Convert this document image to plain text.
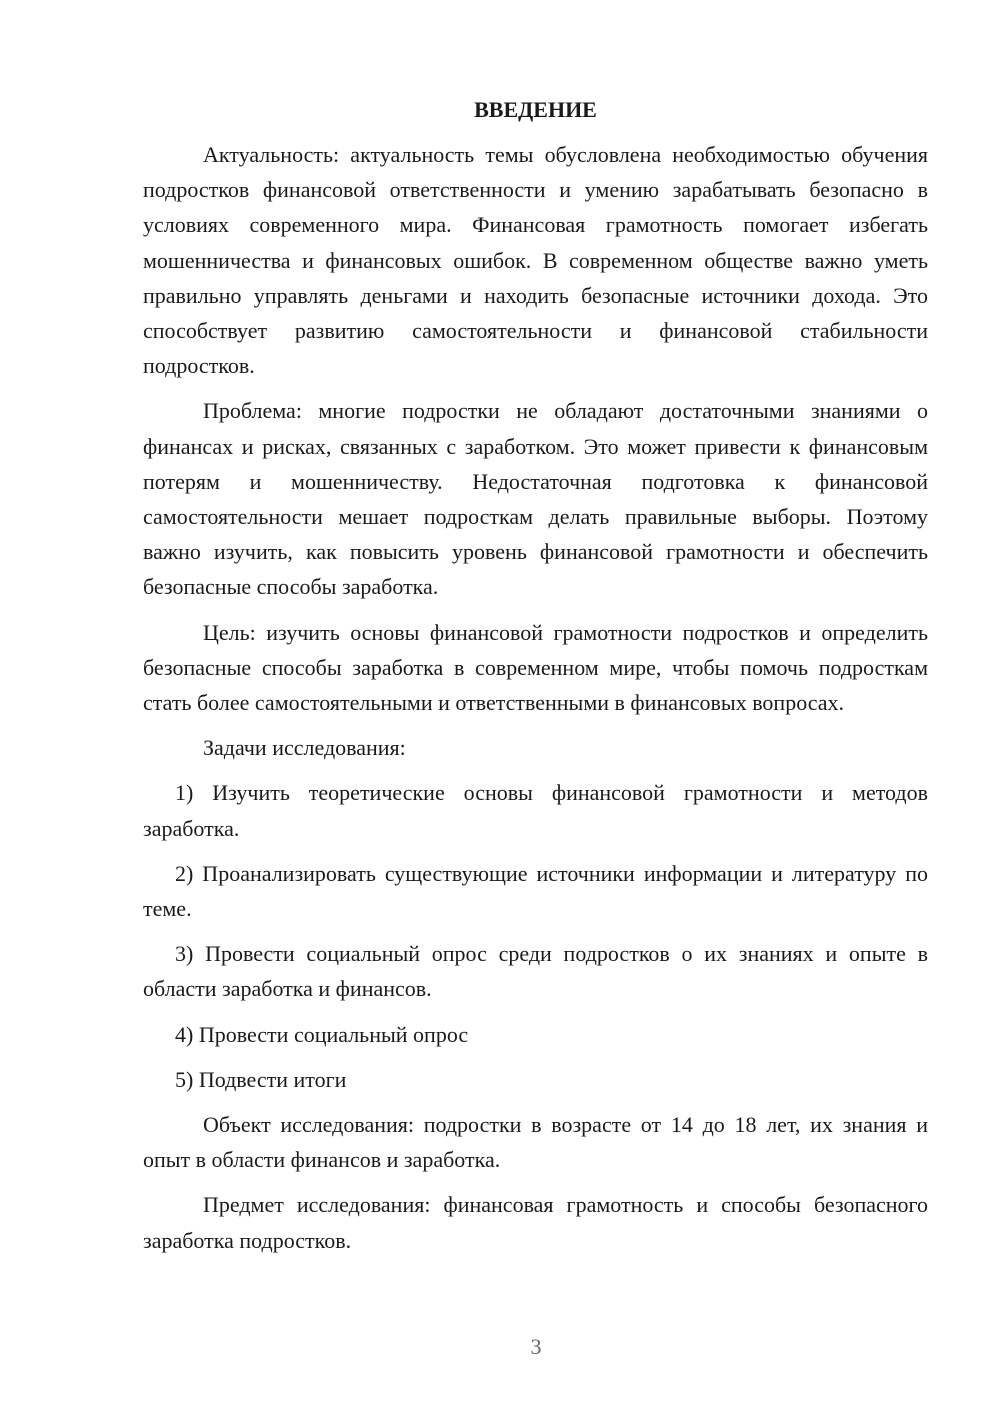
ВВЕДЕНИЕ

Актуальность: актуальность темы обусловлена необходимостью обучения подростков финансовой ответственности и умению зарабатывать безопасно в условиях современного мира. Финансовая грамотность помогает избегать мошенничества и финансовых ошибок. В современном обществе важно уметь правильно управлять деньгами и находить безопасные источники дохода. Это способствует развитию самостоятельности и финансовой стабильности подростков.

Проблема: многие подростки не обладают достаточными знаниями о финансах и рисках, связанных с заработком. Это может привести к финансовым потерям и мошенничеству. Недостаточная подготовка к финансовой самостоятельности мешает подросткам делать правильные выборы. Поэтому важно изучить, как повысить уровень финансовой грамотности и обеспечить безопасные способы заработка.

Цель: изучить основы финансовой грамотности подростков и определить безопасные способы заработка в современном мире, чтобы помочь подросткам стать более самостоятельными и ответственными в финансовых вопросах.

Задачи исследования:

1) Изучить теоретические основы финансовой грамотности и методов заработка.

2) Проанализировать существующие источники информации и литературу по теме.

3) Провести социальный опрос среди подростков о их знаниях и опыте в области заработка и финансов.

4) Провести социальный опрос

5) Подвести итоги

Объект исследования: подростки в возрасте от 14 до 18 лет, их знания и опыт в области финансов и заработка.

Предмет исследования: финансовая грамотность и способы безопасного заработка подростков.

3
